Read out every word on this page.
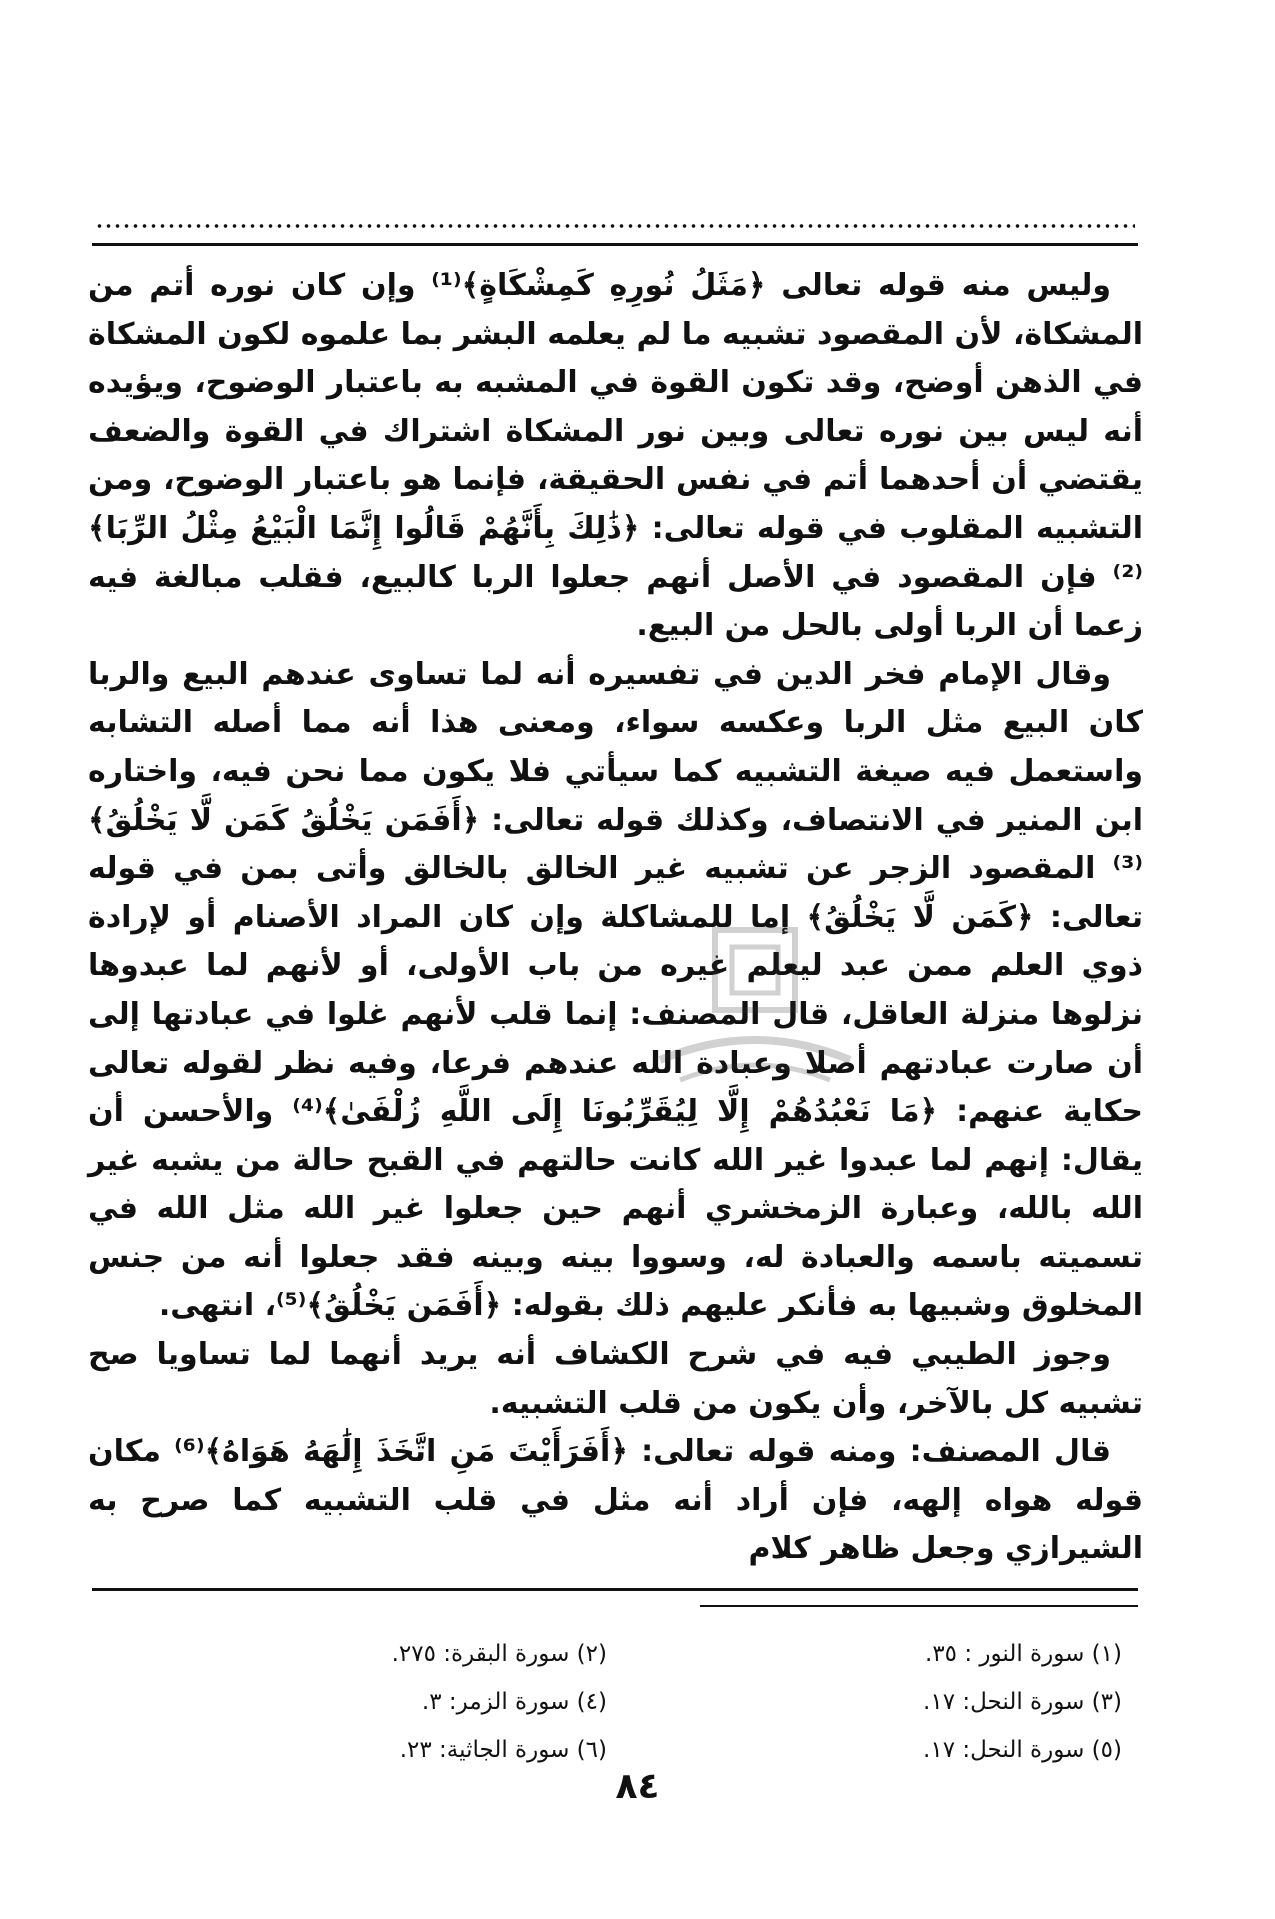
وليس منه قوله تعالى ﴿مَثَلُ نُورِهِ كَمِشْكَاةٍ﴾⁽¹⁾ وإن كان نوره أتم من المشكاة، لأن المقصود تشبيه ما لم يعلمه البشر بما علموه لكون المشكاة في الذهن أوضح، وقد تكون القوة في المشبه به باعتبار الوضوح، ويؤيده أنه ليس بين نوره تعالى وبين نور المشكاة اشتراك في القوة والضعف يقتضي أن أحدهما أتم في نفس الحقيقة، فإنما هو باعتبار الوضوح، ومن التشبيه المقلوب في قوله تعالى: ﴿ذَٰلِكَ بِأَنَّهُمْ قَالُوا إِنَّمَا الْبَيْعُ مِثْلُ الرِّبَا﴾⁽²⁾ فإن المقصود في الأصل أنهم جعلوا الربا كالبيع، فقلب مبالغة فيه زعما أن الربا أولى بالحل من البيع.

وقال الإمام فخر الدين في تفسيره أنه لما تساوى عندهم البيع والربا كان البيع مثل الربا وعكسه سواء، ومعنى هذا أنه مما أصله التشابه واستعمل فيه صيغة التشبيه كما سيأتي فلا يكون مما نحن فيه، واختاره ابن المنير في الانتصاف، وكذلك قوله تعالى: ﴿أَفَمَن يَخْلُقُ كَمَن لَّا يَخْلُقُ﴾⁽³⁾ المقصود الزجر عن تشبيه غير الخالق بالخالق وأتى بمن في قوله تعالى: ﴿كَمَن لَّا يَخْلُقُ﴾ إما للمشاكلة وإن كان المراد الأصنام أو لإرادة ذوي العلم ممن عبد ليعلم غيره من باب الأولى، أو لأنهم لما عبدوها نزلوها منزلة العاقل، قال المصنف: إنما قلب لأنهم غلوا في عبادتها إلى أن صارت عبادتهم أصلا وعبادة الله عندهم فرعا، وفيه نظر لقوله تعالى حكاية عنهم: ﴿مَا نَعْبُدُهُمْ إِلَّا لِيُقَرِّبُونَا إِلَى اللَّهِ زُلْفَىٰ﴾⁽⁴⁾ والأحسن أن يقال: إنهم لما عبدوا غير الله كانت حالتهم في القبح حالة من يشبه غير الله بالله، وعبارة الزمخشري أنهم حين جعلوا غير الله مثل الله في تسميته باسمه والعبادة له، وسووا بينه وبينه فقد جعلوا أنه من جنس المخلوق وشبيها به فأنكر عليهم ذلك بقوله: ﴿أَفَمَن يَخْلُقُ﴾⁽⁵⁾، انتهى.

وجوز الطيبي فيه في شرح الكشاف أنه يريد أنهما لما تساويا صح تشبيه كل بالآخر، وأن يكون من قلب التشبيه.

قال المصنف: ومنه قوله تعالى: ﴿أَفَرَأَيْتَ مَنِ اتَّخَذَ إِلَٰهَهُ هَوَاهُ﴾⁽⁶⁾ مكان قوله هواه إلهه، فإن أراد أنه مثل في قلب التشبيه كما صرح به الشيرازي وجعل ظاهر كلام

(١) سورة النور : ٣٥.
(٢) سورة البقرة: ٢٧٥.
(٣) سورة النحل: ١٧.
(٤) سورة الزمر: ٣.
(٥) سورة النحل: ١٧.
(٦) سورة الجاثية: ٢٣.
٨٤
